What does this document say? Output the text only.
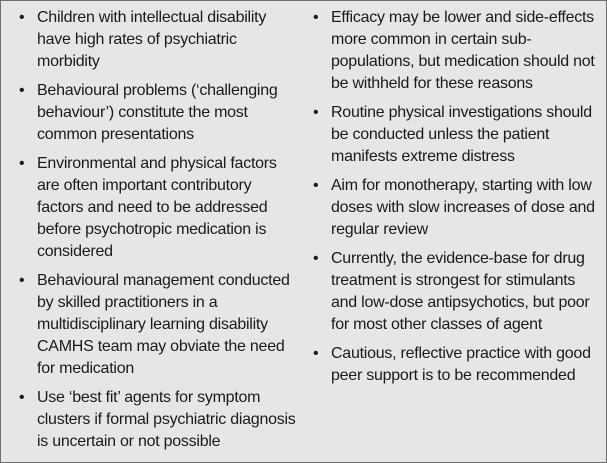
• Children with intellectual disability have high rates of psychiatric morbidity
• Behavioural problems (‘challenging behaviour’) constitute the most common presentations
• Environmental and physical factors are often important contributory factors and need to be addressed before psychotropic medication is considered
• Behavioural management conducted by skilled practitioners in a multidisciplinary learning disability CAMHS team may obviate the need for medication
• Use ‘best fit’ agents for symptom clusters if formal psychiatric diagnosis is uncertain or not possible
• Efficacy may be lower and side-effects more common in certain sub-populations, but medication should not be withheld for these reasons
• Routine physical investigations should be conducted unless the patient manifests extreme distress
• Aim for monotherapy, starting with low doses with slow increases of dose and regular review
• Currently, the evidence-base for drug treatment is strongest for stimulants and low-dose antipsychotics, but poor for most other classes of agent
• Cautious, reflective practice with good peer support is to be recommended
